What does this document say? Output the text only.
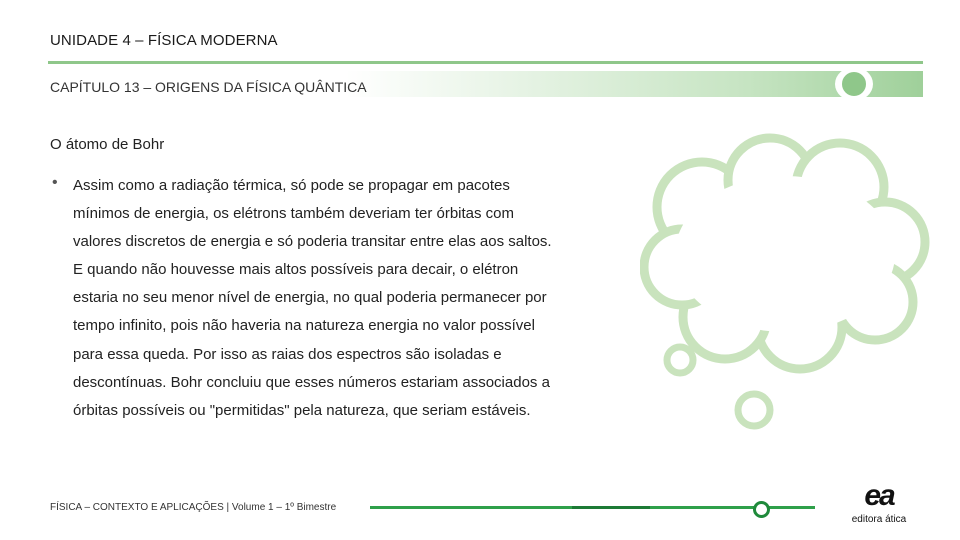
UNIDADE 4 – FÍSICA MODERNA
CAPÍTULO 13 – ORIGENS DA FÍSICA QUÂNTICA
O átomo de Bohr
• Assim como a radiação térmica, só pode se propagar em pacotes
mínimos de energia, os elétrons também deveriam ter órbitas com
valores discretos de energia e só poderia transitar entre elas aos saltos.
E quando não houvesse mais altos possíveis para decair, o elétron
estaria no seu menor nível de energia, no qual poderia permanecer por
tempo infinito, pois não haveria na natureza energia no valor possível
para essa queda. Por isso as raias dos espectros são isoladas e
descontínuas. Bohr concluiu que esses números estariam associados a
órbitas possíveis ou "permitidas" pela natureza, que seriam estáveis.
FÍSICA – CONTEXTO E APLICAÇÕES | Volume 1 – 1º Bimestre	ea
editora ática
